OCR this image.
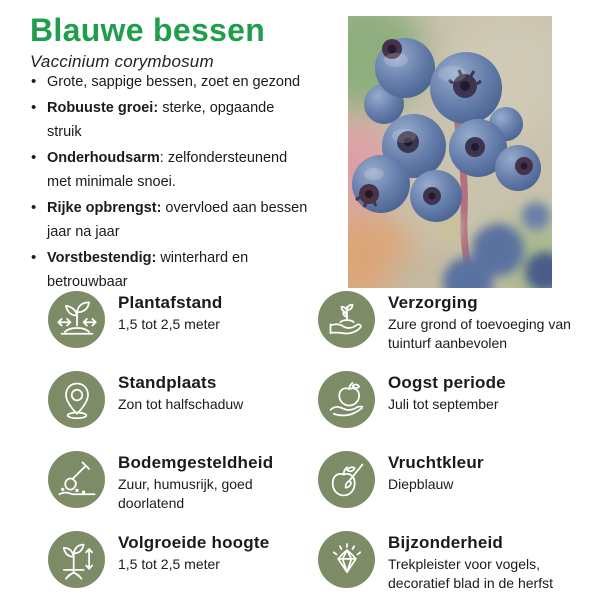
Blauwe bessen
Vaccinium corymbosum
• Grote, sappige bessen, zoet en gezond
• Robuuste groei: sterke, opgaande struik
• Onderhoudsarm: zelfondersteunend met minimale snoei.
• Rijke opbrengst: overvloed aan bessen jaar na jaar
• Vorstbestendig: winterhard en betrouwbaar
Plantafstand
1,5 tot 2,5 meter
Verzorging
Zure grond of toevoeging van tuinturf aanbevolen
Standplaats
Zon tot halfschaduw
Oogst periode
Juli tot september
Bodemgesteldheid
Zuur, humusrijk, goed doorlatend
Vruchtkleur
Diepblauw
Volgroeide hoogte
1,5 tot 2,5 meter
Bijzonderheid
Trekpleister voor vogels, decoratief blad in de herfst
